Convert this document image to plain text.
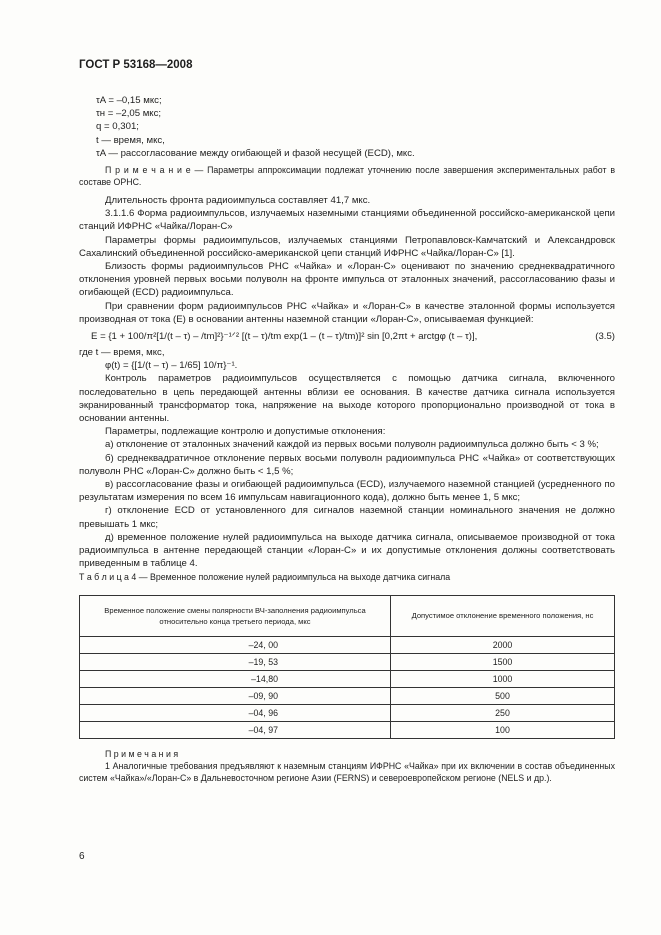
ГОСТ Р 53168—2008

τA = –0,15 мкс;

τн = –2,05 мкс;

q = 0,301;

t — время, мкс,

τA — рассогласование между огибающей и фазой несущей (ECD), мкс.

П р и м е ч а н и е — Параметры аппроксимации подлежат уточнению после завершения экспериментальных работ в составе ОРНС.

Длительность фронта радиоимпульса составляет 41,7 мкс.

3.1.1.6 Форма радиоимпульсов, излучаемых наземными станциями объединенной российско-американской цепи станций ИФРНС «Чайка/Лоран-С»

Параметры формы радиоимпульсов, излучаемых станциями Петропавловск-Камчатский и Александровск Сахалинский объединенной российско-американской цепи станций ИФРНС «Чайка/Лоран-С» [1].

Близость формы радиоимпульсов РНС «Чайка» и «Лоран-С» оценивают по значению среднеквадратичного отклонения уровней первых восьми полуволн на фронте импульса от эталонных значений, рассогласованию фазы и огибающей (ECD) радиоимпульса.

При сравнении форм радиоимпульсов РНС «Чайка» и «Лоран-С» в качестве эталонной формы используется производная от тока (E) в основании антенны наземной станции «Лоран-С», описываемая функцией:

E = {1 + 100/π²[1/(t – τ) – /tm]²}⁻¹ᐟ² [(t – τ)/tm exp(1 – (t – τ)/tm)]² sin [0,2πt + arctgφ (t – τ)],	(3.5)

где t — время, мкс,

φ(t) = {[1/(t – τ) – 1/65] 10/π}⁻¹.

Контроль параметров радиоимпульсов осуществляется с помощью датчика сигнала, включенного последовательно в цепь передающей антенны вблизи ее основания. В качестве датчика сигнала используется экранированный трансформатор тока, напряжение на выходе которого пропорционально производной от тока в основании антенны.

Параметры, подлежащие контролю и допустимые отклонения:

а) отклонение от эталонных значений каждой из первых восьми полуволн радиоимпульса должно быть < 3 %;

б) среднеквадратичное отклонение первых восьми полуволн радиоимпульса РНС «Чайка» от соответствующих полуволн РНС «Лоран-С» должно быть < 1,5 %;

в) рассогласование фазы и огибающей радиоимпульса (ECD), излучаемого наземной станцией (усредненного по результатам измерения по всем 16 импульсам навигационного кода), должно быть менее 1, 5 мкс;

г) отклонение ECD от установленного для сигналов наземной станции номинального значения не должно превышать 1 мкс;

д) временное положение нулей радиоимпульса на выходе датчика сигнала, описываемое производной от тока радиоимпульса в антенне передающей станции «Лоран-С» и их допустимые отклонения должны соответствовать приведенным в таблице 4.

Т а б л и ц а 4 — Временное положение нулей радиоимпульса на выходе датчика сигнала

Временное положение смены полярности ВЧ-заполнения радиоимпульса относительно конца третьего периода, мкс	Допустимое отклонение временного положения, нс
–24, 00	2000
–19, 53	1500
–14,80	1000
–09, 90	500
–04, 96	250
–04, 97	100

П р и м е ч а н и я

1 Аналогичные требования предъявляют к наземным станциям ИФРНС «Чайка» при их включении в состав объединенных систем «Чайка»/«Лоран-С» в Дальневосточном регионе Азии (FERNS) и североевропейском регионе (NELS и др.).

6
